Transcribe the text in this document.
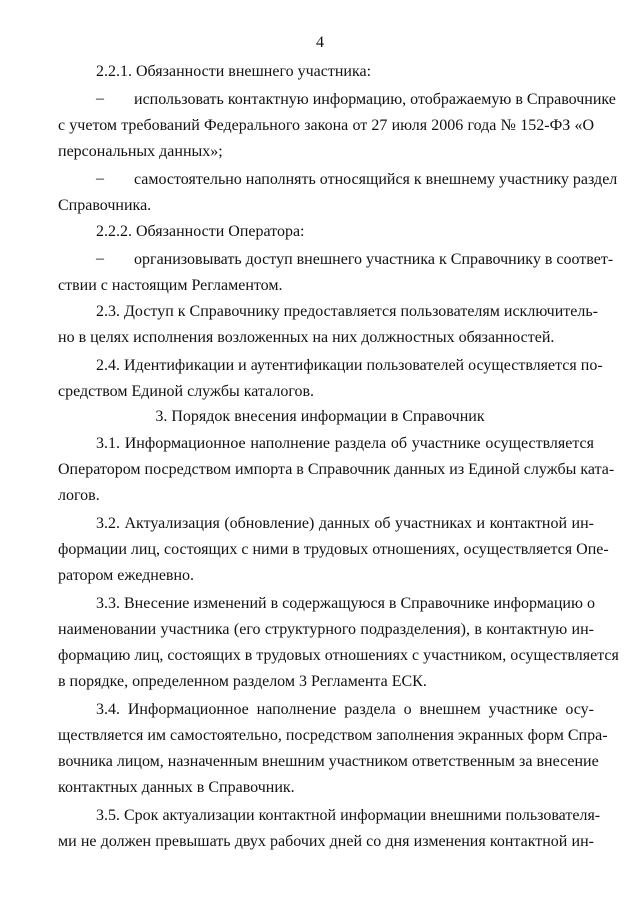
4
2.2.1. Обязанности внешнего участника:
– использовать контактную информацию, отображаемую в Справочнике
с учетом требований Федерального закона от 27 июля 2006 года № 152-ФЗ «О
персональных данных»;
– самостоятельно наполнять относящийся к внешнему участнику раздел
Справочника.
2.2.2. Обязанности Оператора:
– организовывать доступ внешнего участника к Справочнику в соответ-
ствии с настоящим Регламентом.
2.3. Доступ к Справочнику предоставляется пользователям исключитель-
но в целях исполнения возложенных на них должностных обязанностей.
2.4. Идентификации и аутентификации пользователей осуществляется по-
средством Единой службы каталогов.
3. Порядок внесения информации в Справочник
3.1. Информационное наполнение раздела об участнике осуществляется
Оператором посредством импорта в Справочник данных из Единой службы ката-
логов.
3.2. Актуализация (обновление) данных об участниках и контактной ин-
формации лиц, состоящих с ними в трудовых отношениях, осуществляется Опе-
ратором ежедневно.
3.3. Внесение изменений в содержащуюся в Справочнике информацию о
наименовании участника (его структурного подразделения), в контактную ин-
формацию лиц, состоящих в трудовых отношениях с участником, осуществляется
в порядке, определенном разделом 3 Регламента ЕСК.
3.4. Информационное наполнение раздела о внешнем участнике осу-
ществляется им самостоятельно, посредством заполнения экранных форм Спра-
вочника лицом, назначенным внешним участником ответственным за внесение
контактных данных в Справочник.
3.5. Срок актуализации контактной информации внешними пользователя-
ми не должен превышать двух рабочих дней со дня изменения контактной ин-
